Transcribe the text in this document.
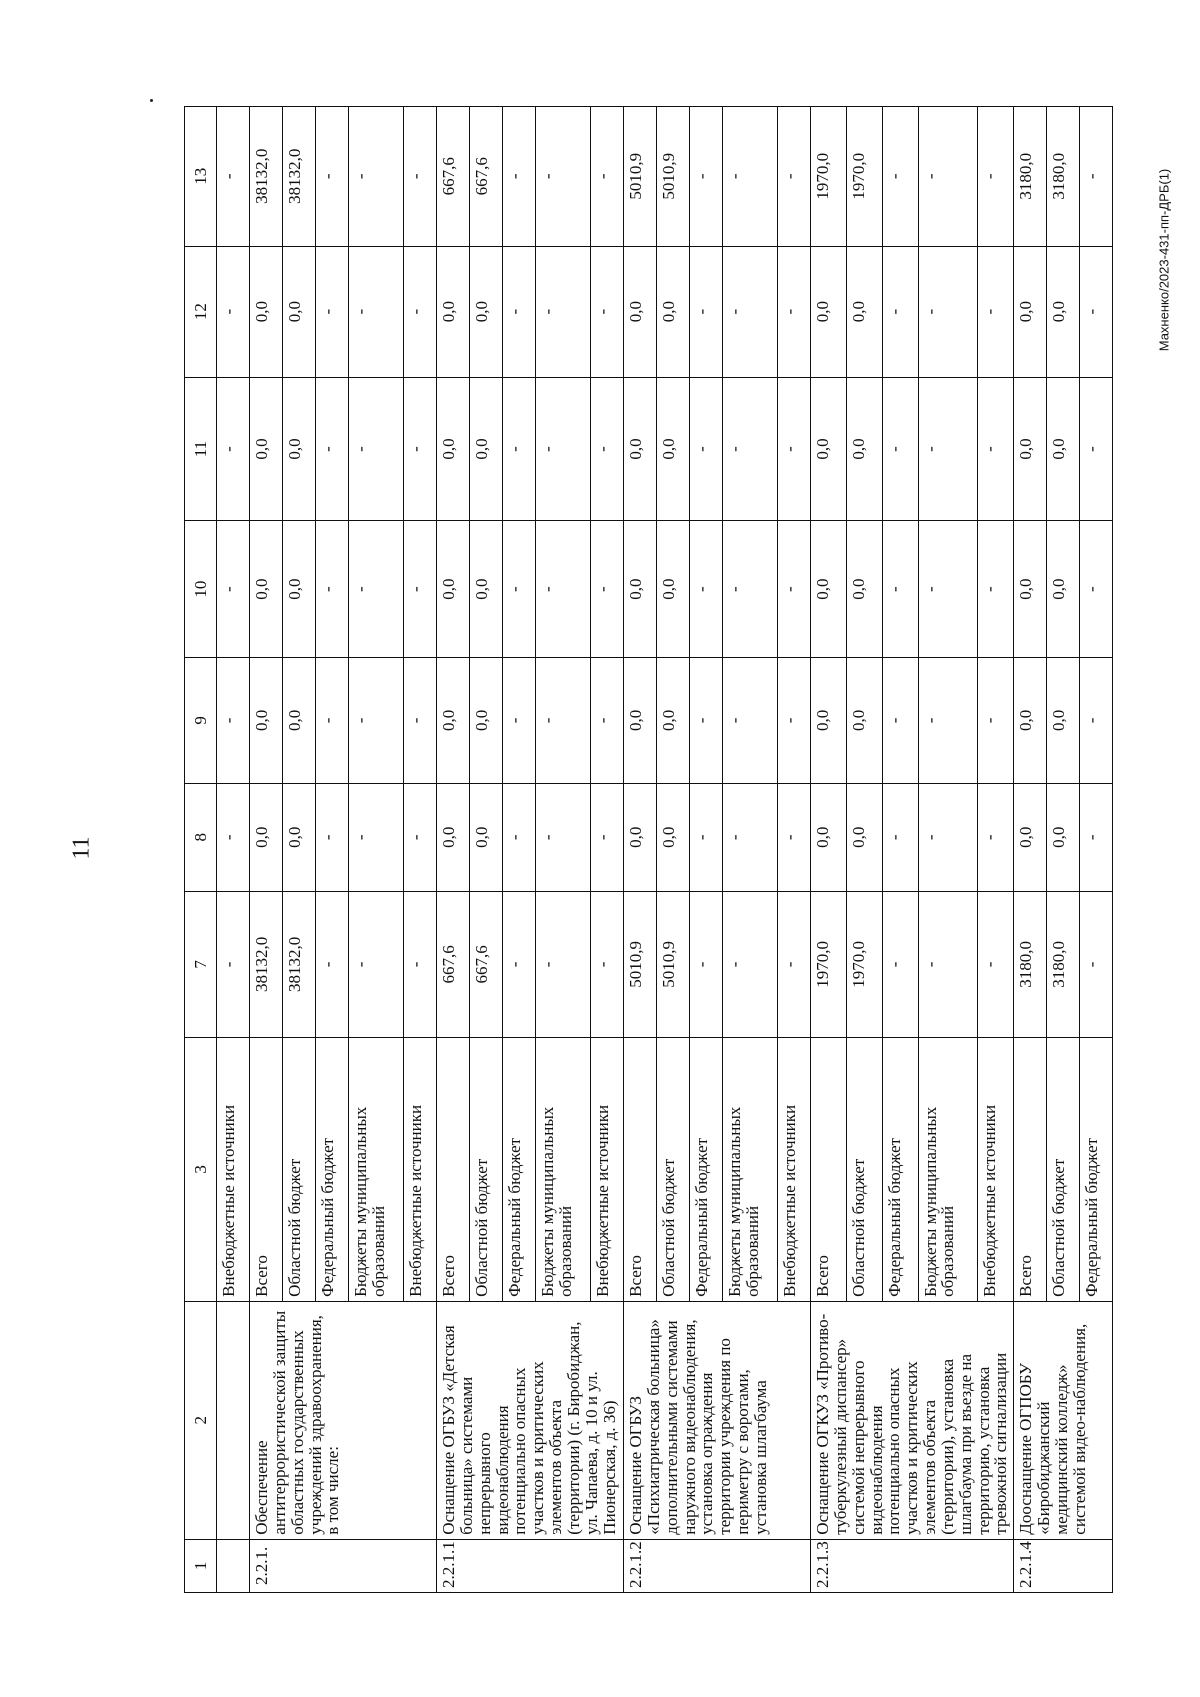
11
Махненко/2023-431-пп-ДРБ(1)
1	2	3	7	8	9	10	11	12	13
		Внебюджетные источники	-	-	-	-	-	-	-
2.2.1.	Обеспечение антитеррористической защиты областных государственных учреждений здравоохранения, в том числе:	Всего	38132,0	0,0	0,0	0,0	0,0	0,0	38132,0
		Областной бюджет	38132,0	0,0	0,0	0,0	0,0	0,0	38132,0
		Федеральный бюджет	-	-	-	-	-	-	-
		Бюджеты муниципальных образований	-	-	-	-	-	-	-
		Внебюджетные источники	-	-	-	-	-	-	-
2.2.1.1	Оснащение ОГБУЗ «Детская больница» системами непрерывного видеонаблюдения потенциально опасных участков и критических элементов объекта (территории) (г. Биробиджан, ул. Чапаева, д. 10 и ул. Пионерская, д. 36)	Всего	667,6	0,0	0,0	0,0	0,0	0,0	667,6
		Областной бюджет	667,6	0,0	0,0	0,0	0,0	0,0	667,6
		Федеральный бюджет	-	-	-	-	-	-	-
		Бюджеты муниципальных образований	-	-	-	-	-	-	-
		Внебюджетные источники	-	-	-	-	-	-	-
2.2.1.2	Оснащение ОГБУЗ «Психиатрическая больница» дополнительными системами наружного видеонаблюдения, установка ограждения территории учреждения по периметру с воротами, установка шлагбаума	Всего	5010,9	0,0	0,0	0,0	0,0	0,0	5010,9
		Областной бюджет	5010,9	0,0	0,0	0,0	0,0	0,0	5010,9
		Федеральный бюджет	-	-	-	-	-	-	-
		Бюджеты муниципальных образований	-	-	-	-	-	-	-
		Внебюджетные источники	-	-	-	-	-	-	-
2.2.1.3	Оснащение ОГКУЗ «Противо-туберкулезный диспансер» системой непрерывного видеонаблюдения потенциально опасных участков и критических элементов объекта (территории), установка шлагбаума при въезде на территорию, установка тревожной сигнализации	Всего	1970,0	0,0	0,0	0,0	0,0	0,0	1970,0
		Областной бюджет	1970,0	0,0	0,0	0,0	0,0	0,0	1970,0
		Федеральный бюджет	-	-	-	-	-	-	-
		Бюджеты муниципальных образований	-	-	-	-	-	-	-
		Внебюджетные источники	-	-	-	-	-	-	-
2.2.1.4	Дооснащение ОГПОБУ «Биробиджанский медицинский колледж» системой видео-наблюдения,	Всего	3180,0	0,0	0,0	0,0	0,0	0,0	3180,0
		Областной бюджет	3180,0	0,0	0,0	0,0	0,0	0,0	3180,0
		Федеральный бюджет	-	-	-	-	-	-	-
